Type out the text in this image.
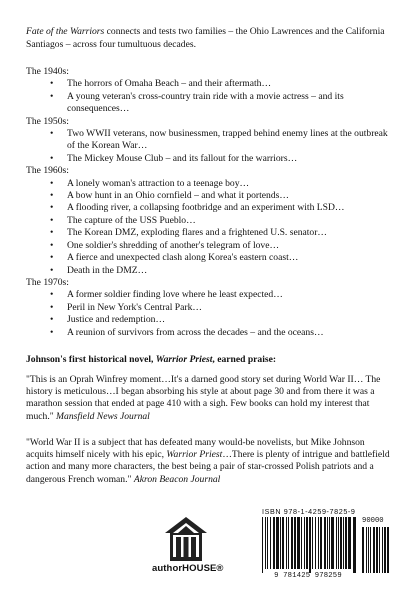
Fate of the Warriors connects and tests two families – the Ohio Lawrences and the California Santiagos – across four tumultuous decades.

The 1940s:

• The horrors of Omaha Beach – and their aftermath…
• A young veteran's cross-country train ride with a movie actress – and its consequences…

The 1950s:

• Two WWII veterans, now businessmen, trapped behind enemy lines at the outbreak of the Korean War…
• The Mickey Mouse Club – and its fallout for the warriors…

The 1960s:

• A lonely woman's attraction to a teenage boy…
• A bow hunt in an Ohio cornfield – and what it portends…
• A flooding river, a collapsing footbridge and an experiment with LSD…
• The capture of the USS Pueblo…
• The Korean DMZ, exploding flares and a frightened U.S. senator…
• One soldier's shredding of another's telegram of love…
• A fierce and unexpected clash along Korea's eastern coast…
• Death in the DMZ…

The 1970s:

• A former soldier finding love where he least expected…
• Peril in New York's Central Park…
• Justice and redemption…
• A reunion of survivors from across the decades – and the oceans…
Johnson's first historical novel, Warrior Priest, earned praise:
"This is an Oprah Winfrey moment…It's a darned good story set during World War II… The history is meticulous…I began absorbing his style at about page 30 and from there it was a marathon session that ended at page 410 with a sigh. Few books can hold my interest that much." Mansfield News Journal
"World War II is a subject that has defeated many would-be novelists, but Mike Johnson acquits himself nicely with his epic, Warrior Priest…There is plenty of intrigue and battlefield action and many more characters, the best being a pair of star-crossed Polish patriots and a dangerous French woman." Akron Beacon Journal
authorHOUSE®
ISBN 978-1-4259-7825-9
9 781425 978259
90000
